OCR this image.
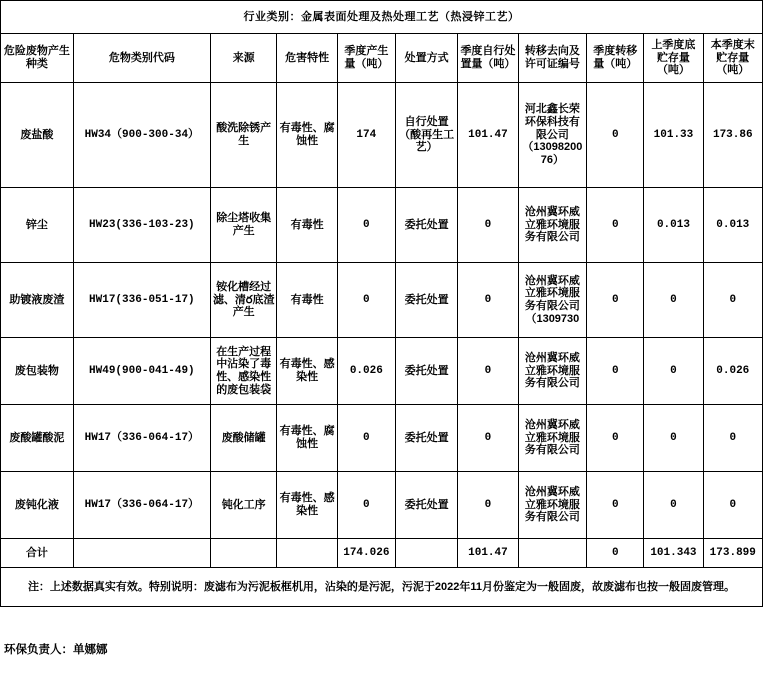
行业类别：金属表面处理及热处理工艺（热浸锌工艺）										
危险废物产生种类	危物类别代码	来源	危害特性	季度产生量（吨）	处置方式	季度自行处置量（吨）	转移去向及许可证编号	季度转移量（吨）	上季度底贮存量（吨）	本季度末贮存量（吨）
废盐酸	HW34（900-300-34）	酸洗除锈产生	有毒性、腐蚀性	174	自行处置（酸再生工艺）	101.47	河北鑫长荣环保科技有限公司（1309820076）	0	101.33	173.86
锌尘	HW23(336-103-23)	除尘塔收集产生	有毒性	0	委托处置	0	沧州冀环威立雅环境服务有限公司	0	0.013	0.013
助镀液废渣	HW17(336-051-17)	铵化槽经过滤、清ర底渣产生	有毒性	0	委托处置	0	沧州冀环威立雅环境服务有限公司（1309730	0	0	0
废包装物	HW49(900-041-49)	在生产过程中沾染了毒性、感染性的废包装袋	有毒性、感染性	0.026	委托处置	0	沧州冀环威立雅环境服务有限公司	0	0	0.026
废酸罐酸泥	HW17（336-064-17）	废酸储罐	有毒性、腐蚀性	0	委托处置	0	沧州冀环威立雅环境服务有限公司	0	0	0
废钝化液	HW17（336-064-17）	钝化工序	有毒性、感染性	0	委托处置	0	沧州冀环威立雅环境服务有限公司	0	0	0
合计				174.026		101.47		0	101.343	173.899
注：上述数据真实有效。特别说明：废滤布为污泥板框机用，沾染的是污泥，污泥于2022年11月份鉴定为一般固废，故废滤布也按一般固废管理。										

环保负责人：单娜娜		
